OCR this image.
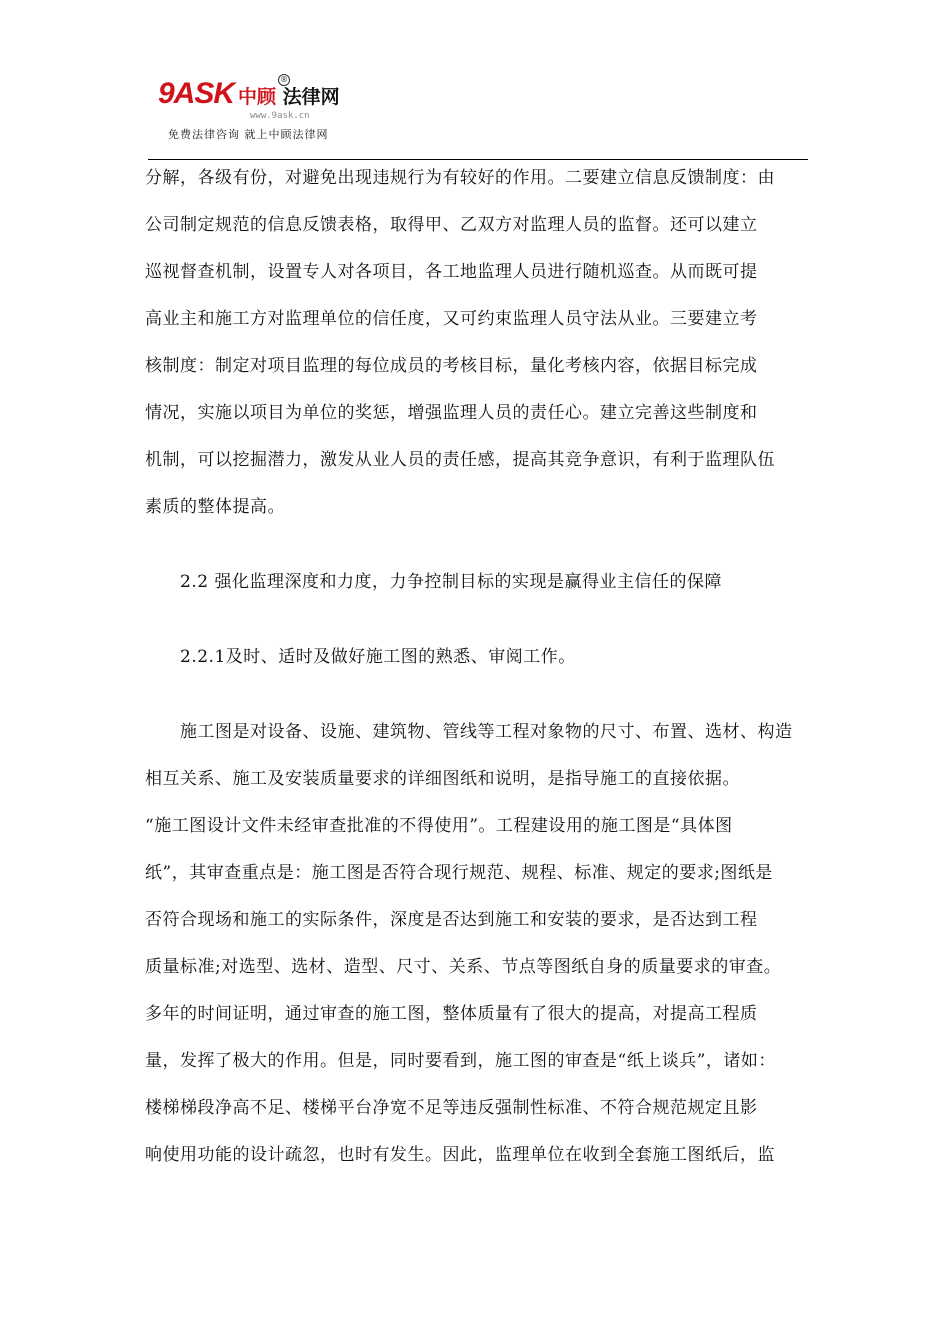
9ASK 中顾 法律网
®
www.9ask.cn
免费法律咨询 就上中顾法律网
分解，各级有份，对避免出现违规行为有较好的作用。二要建立信息反馈制度：由
公司制定规范的信息反馈表格，取得甲、乙双方对监理人员的监督。还可以建立
巡视督查机制，设置专人对各项目，各工地监理人员进行随机巡查。从而既可提
高业主和施工方对监理单位的信任度，又可约束监理人员守法从业。三要建立考
核制度：制定对项目监理的每位成员的考核目标，量化考核内容，依据目标完成
情况，实施以项目为单位的奖惩，增强监理人员的责任心。建立完善这些制度和
机制，可以挖掘潜力，激发从业人员的责任感，提高其竞争意识，有利于监理队伍
素质的整体提高。
2.2 强化监理深度和力度，力争控制目标的实现是赢得业主信任的保障
2.2.1及时、适时及做好施工图的熟悉、审阅工作。
施工图是对设备、设施、建筑物、管线等工程对象物的尺寸、布置、选材、构造
相互关系、施工及安装质量要求的详细图纸和说明，是指导施工的直接依据。
“施工图设计文件未经审查批准的不得使用”。工程建设用的施工图是“具体图
纸”，其审查重点是：施工图是否符合现行规范、规程、标准、规定的要求;图纸是
否符合现场和施工的实际条件，深度是否达到施工和安装的要求，是否达到工程
质量标准;对选型、选材、造型、尺寸、关系、节点等图纸自身的质量要求的审查。
多年的时间证明，通过审查的施工图，整体质量有了很大的提高，对提高工程质
量，发挥了极大的作用。但是，同时要看到，施工图的审查是“纸上谈兵”，诸如：
楼梯梯段净高不足、楼梯平台净宽不足等违反强制性标准、不符合规范规定且影
响使用功能的设计疏忽，也时有发生。因此，监理单位在收到全套施工图纸后，监
